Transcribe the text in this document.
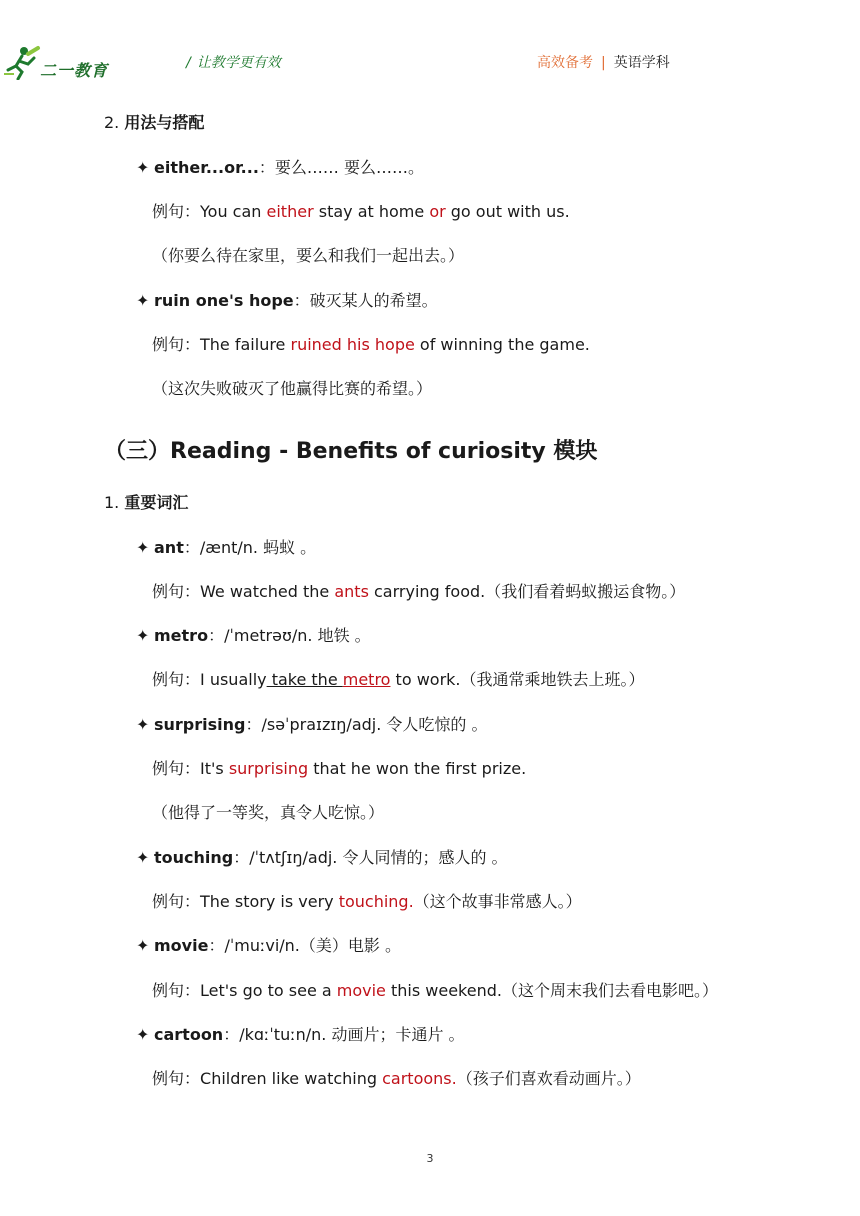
二一教育	/ 让教学更有效	高效备考 | 英语学科
2. 用法与搭配
✦ either...or...：要么…… 要么……。
例句：You can either stay at home or go out with us.
（你要么待在家里，要么和我们一起出去。）
✦ ruin one's hope：破灭某人的希望。
例句：The failure ruined his hope of winning the game.
（这次失败破灭了他赢得比赛的希望。）
（三）Reading - Benefits of curiosity 模块
1. 重要词汇
✦ ant：/ænt/n. 蚂蚁 。
例句：We watched the ants carrying food.（我们看着蚂蚁搬运食物。）
✦ metro：/ˈmetrəʊ/n. 地铁 。
例句：I usually take the metro to work.（我通常乘地铁去上班。）
✦ surprising：/səˈpraɪzɪŋ/adj. 令人吃惊的 。
例句：It's surprising that he won the first prize.
（他得了一等奖，真令人吃惊。）
✦ touching：/ˈtʌtʃɪŋ/adj. 令人同情的；感人的 。
例句：The story is very touching.（这个故事非常感人。）
✦ movie：/ˈmuːvi/n.（美）电影 。
例句：Let's go to see a movie this weekend.（这个周末我们去看电影吧。）
✦ cartoon：/kɑːˈtuːn/n. 动画片；卡通片 。
例句：Children like watching cartoons.（孩子们喜欢看动画片。）
3
